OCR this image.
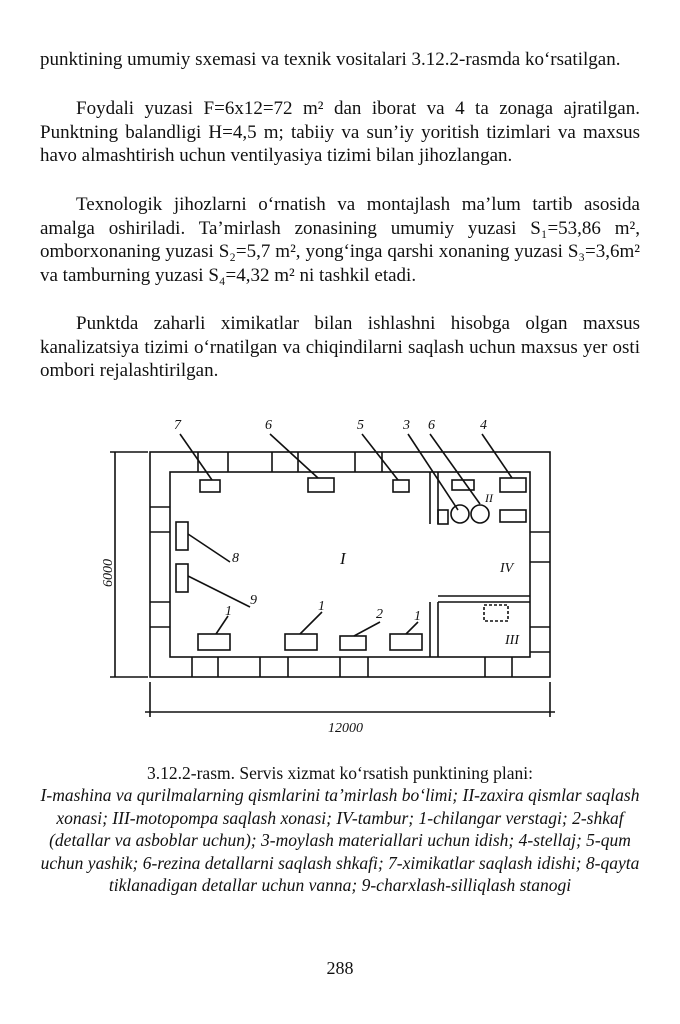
punktining umumiy sxemasi va texnik vositalari 3.12.2-rasmda ko‘rsatilgan.

Foydali yuzasi F=6x12=72 m² dan iborat va 4 ta zonaga ajratilgan. Punktning balandligi H=4,5 m; tabiiy va sun’iy yoritish tizimlari va maxsus havo almashtirish uchun ventilyasiya tizimi bilan jihozlangan.

Texnologik jihozlarni o‘rnatish va montajlash ma’lum tartib asosida amalga oshiriladi. Ta’mirlash zonasining umumiy yuzasi S₁=53,86 m², omborxonaning yuzasi S₂=5,7 m², yong‘inga qarshi xonaning yuzasi S₃=3,6m² va tamburning yuzasi S₄=4,32 m² ni tashkil etadi.

Punktda zaharli ximikatlar bilan ishlashni hisobga olgan maxsus kanalizatsiya tizimi o‘rnatilgan va chiqindilarni saqlash uchun maxsus yer osti ombori rejalashtirilgan.

7	6	5	3 6	4
I
II
III
IV
8
9
1	1
2 1
12000
6000
3.12.2-rasm. Servis xizmat ko‘rsatish punktining plani:
I-mashina va qurilmalarning qismlarini ta’mirlash bo‘limi; II-zaxira qismlar saqlash xonasi; III-motopompa saqlash xonasi; IV-tambur; 1-chilangar verstagi; 2-shkaf (detallar va asboblar uchun); 3-moylash materiallari uchun idish; 4-stellaj; 5-qum uchun yashik; 6-rezina detallarni saqlash shkafi; 7-ximikatlar saqlash idishi; 8-qayta tiklanadigan detallar uchun vanna; 9-charxlash-silliqlash stanogi
288
